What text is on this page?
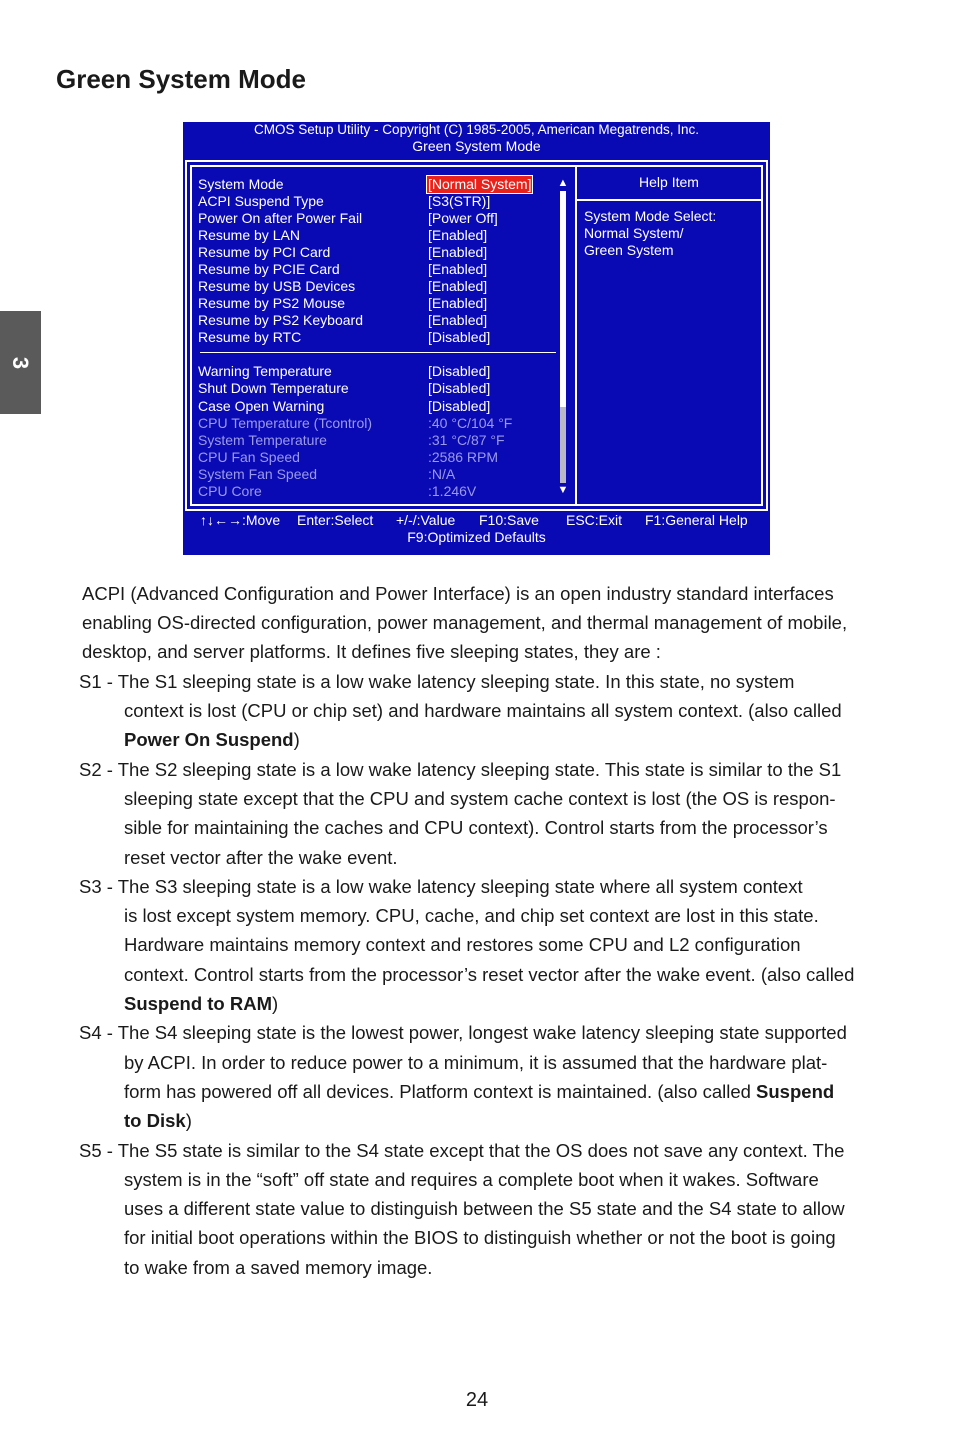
Green System Mode
3
CMOS Setup Utility - Copyright (C) 1985-2005, American Megatrends, Inc.
Green System Mode
System Mode	[Normal System]
ACPI Suspend Type	[S3(STR)]
Power On after Power Fail	[Power Off]
Resume by LAN	[Enabled]
Resume by PCI Card	[Enabled]
Resume by PCIE Card	[Enabled]
Resume by USB Devices	[Enabled]
Resume by PS2 Mouse	[Enabled]
Resume by PS2 Keyboard	[Enabled]
Resume by RTC	[Disabled]
Warning Temperature	[Disabled]
Shut Down Temperature	[Disabled]
Case Open Warning	[Disabled]
CPU Temperature (Tcontrol)	:40 °C/104 °F
System Temperature	:31 °C/87 °F
CPU Fan Speed	:2586 RPM
System Fan Speed	:N/A
CPU Core	:1.246V
▲
▼
Help Item
System Mode Select:
Normal System/
Green System
↑↓←→:Move Enter:Select +/-/:Value F10:Save ESC:Exit F1:General Help
F9:Optimized Defaults
ACPI (Advanced Configuration and Power Interface) is an open industry standard interfaces
enabling OS-directed configuration, power management, and thermal management of mobile,
desktop, and server platforms. It defines five sleeping states, they are :
S1 - The S1 sleeping state is a low wake latency sleeping state. In this state, no system
context is lost (CPU or chip set) and hardware maintains all system context. (also called
Power On Suspend)
S2 - The S2 sleeping state is a low wake latency sleeping state. This state is similar to the S1
sleeping state except that the CPU and system cache context is lost (the OS is respon-
sible for maintaining the caches and CPU context). Control starts from the processor’s
reset vector after the wake event.
S3 - The S3 sleeping state is a low wake latency sleeping state where all system context
is lost except system memory. CPU, cache, and chip set context are lost in this state.
Hardware maintains memory context and restores some CPU and L2 configuration
context. Control starts from the processor’s reset vector after the wake event. (also called
Suspend to RAM)
S4 - The S4 sleeping state is the lowest power, longest wake latency sleeping state supported
by ACPI. In order to reduce power to a minimum, it is assumed that the hardware plat-
form has powered off all devices. Platform context is maintained. (also called Suspend
to Disk)
S5 - The S5 state is similar to the S4 state except that the OS does not save any context. The
system is in the “soft” off state and requires a complete boot when it wakes. Software
uses a different state value to distinguish between the S5 state and the S4 state to allow
for initial boot operations within the BIOS to distinguish whether or not the boot is going
to wake from a saved memory image.
24
